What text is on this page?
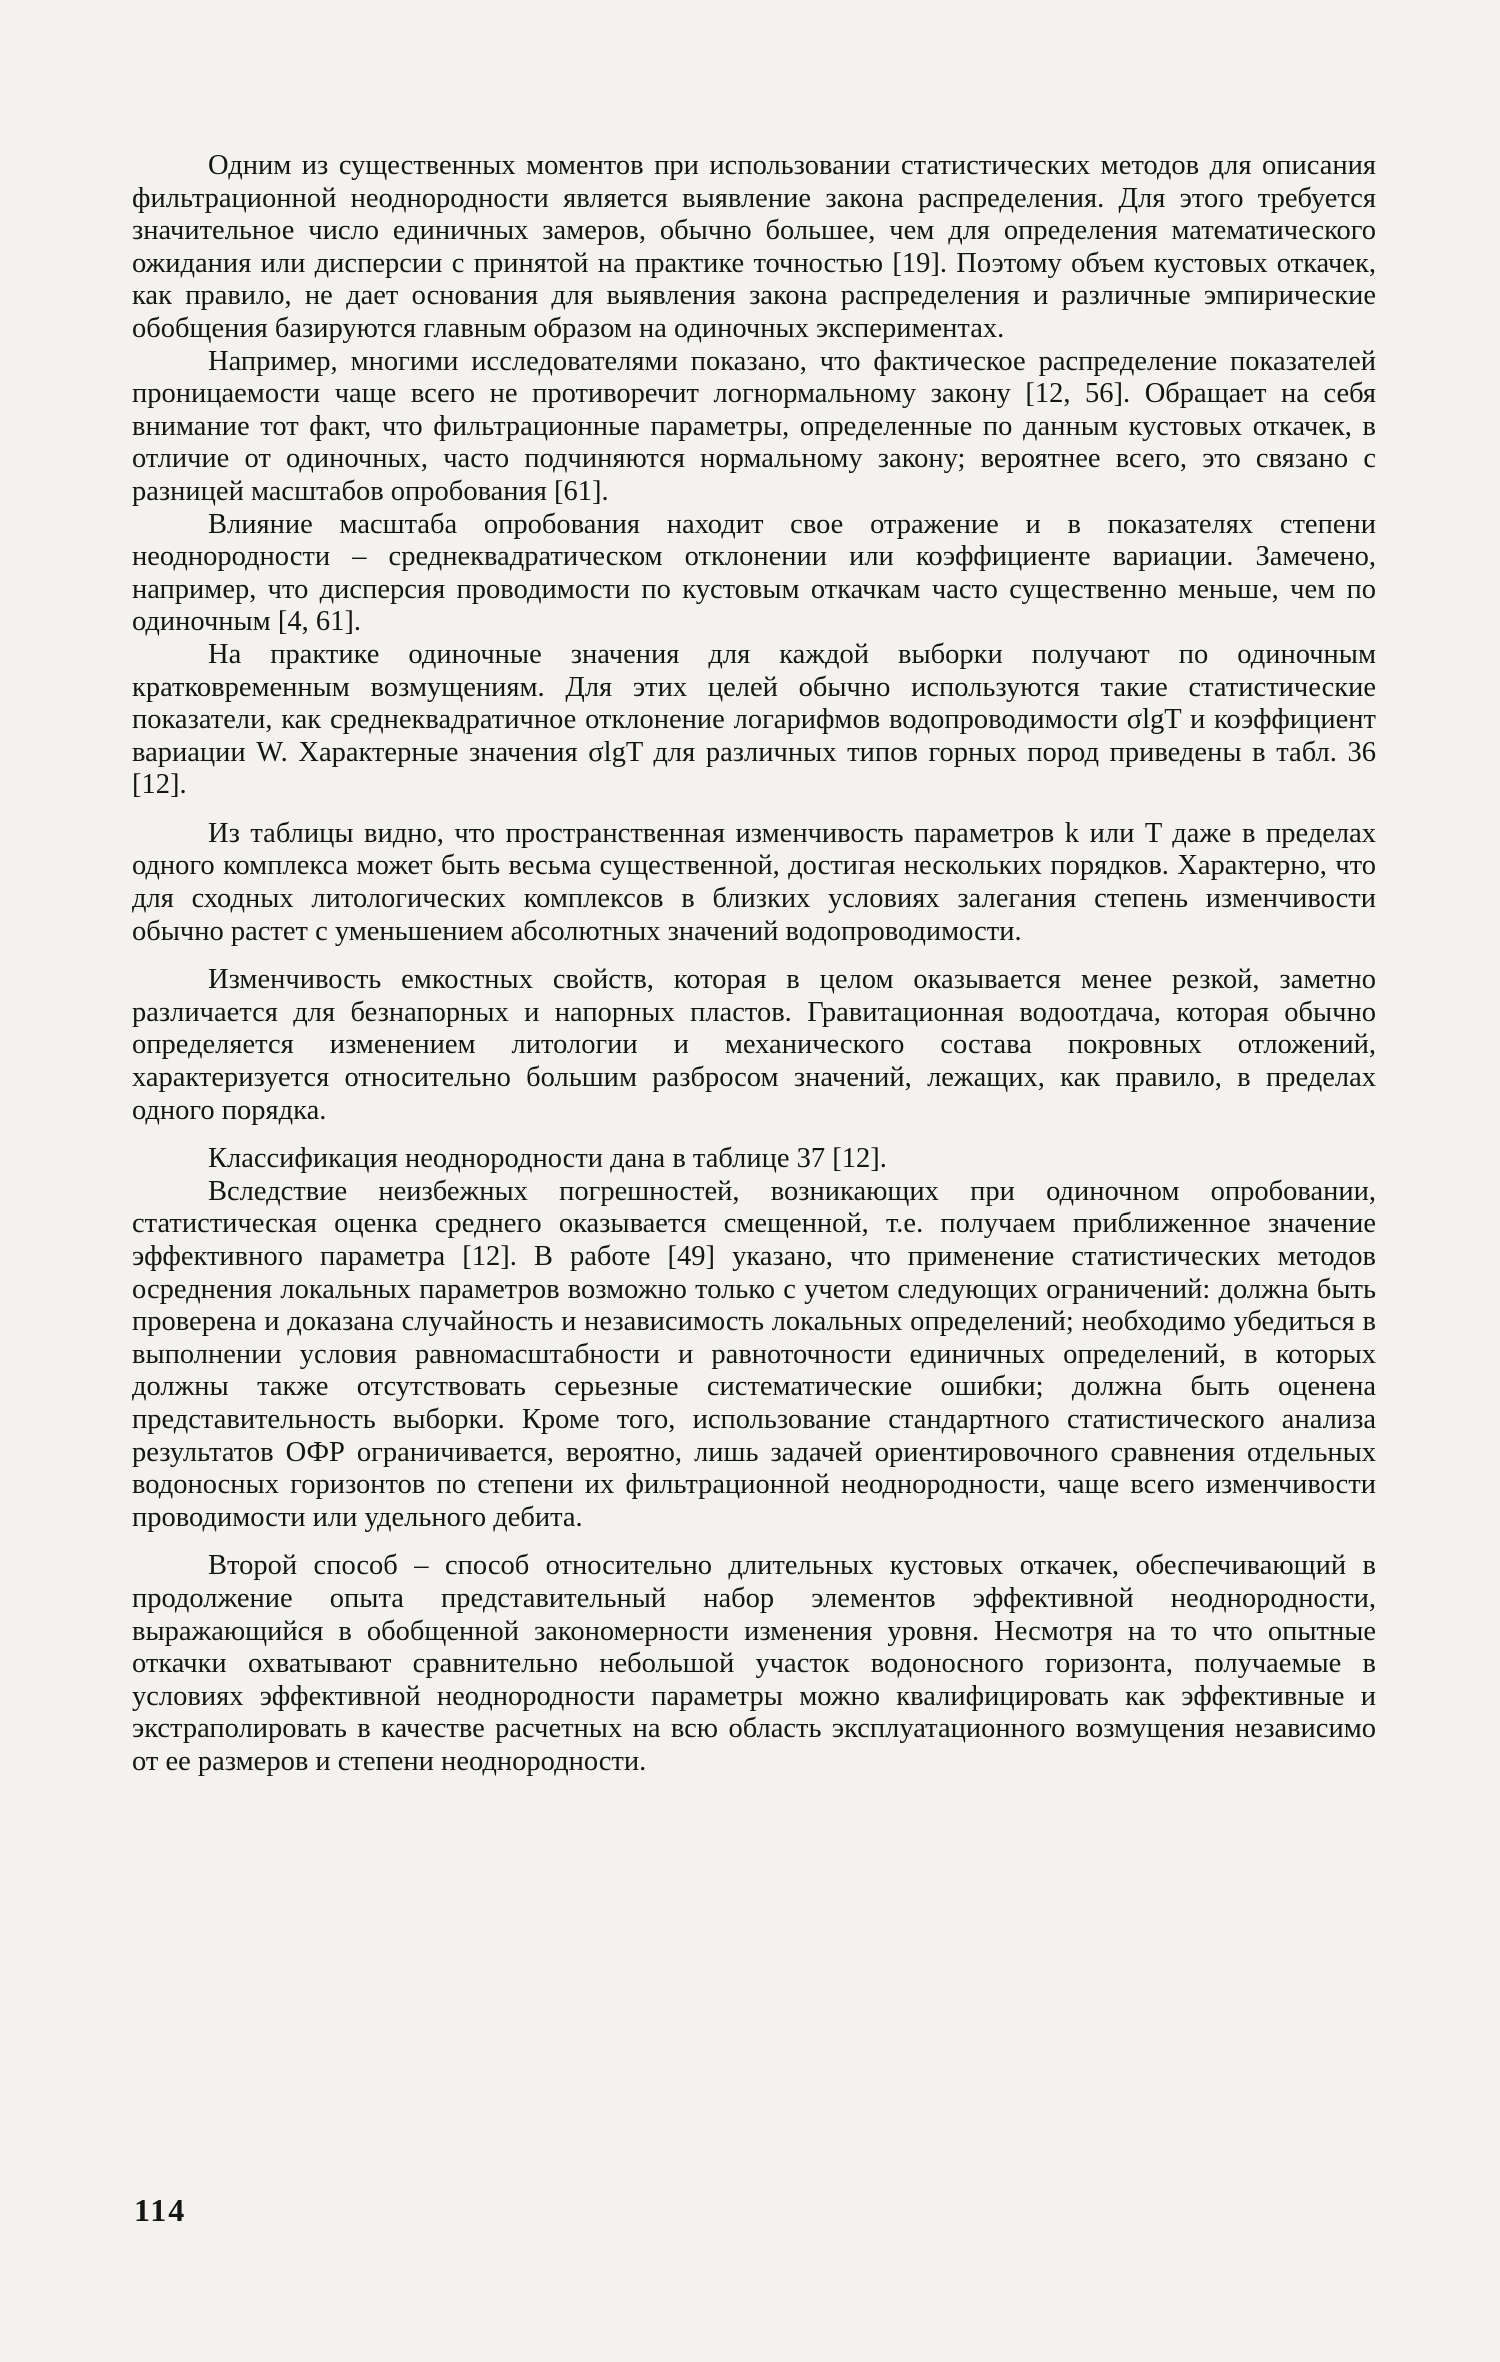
Одним из существенных моментов при использовании статистических методов для описания фильтрационной неоднородности является выявление закона распределения. Для этого требуется значительное число единичных замеров, обычно большее, чем для определения математического ожидания или дисперсии с принятой на практике точностью [19]. Поэтому объем кустовых откачек, как правило, не дает основания для выявления закона распределения и различные эмпирические обобщения базируются главным образом на одиночных экспериментах.

Например, многими исследователями показано, что фактическое распределение показателей проницаемости чаще всего не противоречит логнормальному закону [12, 56]. Обращает на себя внимание тот факт, что фильтрационные параметры, определенные по данным кустовых откачек, в отличие от одиночных, часто подчиняются нормальному закону; вероятнее всего, это связано с разницей масштабов опробования [61].

Влияние масштаба опробования находит свое отражение и в показателях степени неоднородности – среднеквадратическом отклонении или коэффициенте вариации. Замечено, например, что дисперсия проводимости по кустовым откачкам часто существенно меньше, чем по одиночным [4, 61].

На практике одиночные значения для каждой выборки получают по одиночным кратковременным возмущениям. Для этих целей обычно используются такие статистические показатели, как среднеквадратичное отклонение логарифмов водопроводимости σlgT и коэффициент вариации W. Характерные значения σlgT для различных типов горных пород приведены в табл. 36 [12].

Из таблицы видно, что пространственная изменчивость параметров k или T даже в пределах одного комплекса может быть весьма существенной, достигая нескольких порядков. Характерно, что для сходных литологических комплексов в близких условиях залегания степень изменчивости обычно растет с уменьшением абсолютных значений водопроводимости.

Изменчивость емкостных свойств, которая в целом оказывается менее резкой, заметно различается для безнапорных и напорных пластов. Гравитационная водоотдача, которая обычно определяется изменением литологии и механического состава покровных отложений, характеризуется относительно большим разбросом значений, лежащих, как правило, в пределах одного порядка.

Классификация неоднородности дана в таблице 37 [12].

Вследствие неизбежных погрешностей, возникающих при одиночном опробовании, статистическая оценка среднего оказывается смещенной, т.е. получаем приближенное значение эффективного параметра [12]. В работе [49] указано, что применение статистических методов осреднения локальных параметров возможно только с учетом следующих ограничений: должна быть проверена и доказана случайность и независимость локальных определений; необходимо убедиться в выполнении условия равномасштабности и равноточности единичных определений, в которых должны также отсутствовать серьезные систематические ошибки; должна быть оценена представительность выборки. Кроме того, использование стандартного статистического анализа результатов ОФР ограничивается, вероятно, лишь задачей ориентировочного сравнения отдельных водоносных горизонтов по степени их фильтрационной неоднородности, чаще всего изменчивости проводимости или удельного дебита.

Второй способ – способ относительно длительных кустовых откачек, обеспечивающий в продолжение опыта представительный набор элементов эффективной неоднородности, выражающийся в обобщенной закономерности изменения уровня. Несмотря на то что опытные откачки охватывают сравнительно небольшой участок водоносного горизонта, получаемые в условиях эффективной неоднородности параметры можно квалифицировать как эффективные и экстраполировать в качестве расчетных на всю область эксплуатационного возмущения независимо от ее размеров и степени неоднородности.

114
